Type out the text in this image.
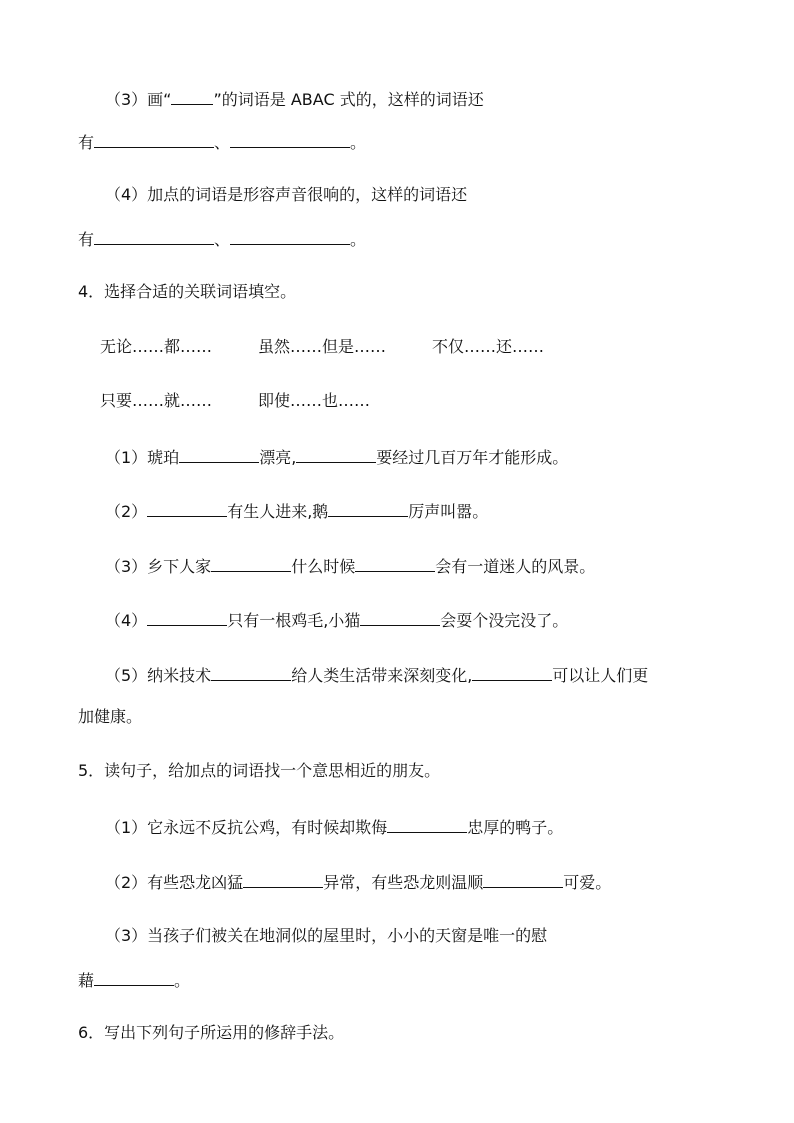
（3）画“	”的词语是 ABAC 式的，这样的词语还
有	、	。
（4）加点的词语是形容声音很响的，这样的词语还
有	、	。
4．选择合适的关联词语填空。
无论……都……	虽然……但是……	不仅……还……
只要……就……	即使……也……
（1）琥珀	漂亮,	要经过几百万年才能形成。
（2）	有生人进来,鹅	厉声叫嚣。
（3）乡下人家	什么时候	会有一道迷人的风景。
（4）	只有一根鸡毛,小猫	会耍个没完没了。
（5）纳米技术	给人类生活带来深刻变化,	可以让人们更
加健康。
5．读句子，给加点的词语找一个意思相近的朋友。
（1）它永远不反抗公鸡，有时候却欺侮	忠厚的鸭子。
（2）有些恐龙凶猛	异常，有些恐龙则温顺	可爱。
（3）当孩子们被关在地洞似的屋里时，小小的天窗是唯一的慰
藉	。
6．写出下列句子所运用的修辞手法。
